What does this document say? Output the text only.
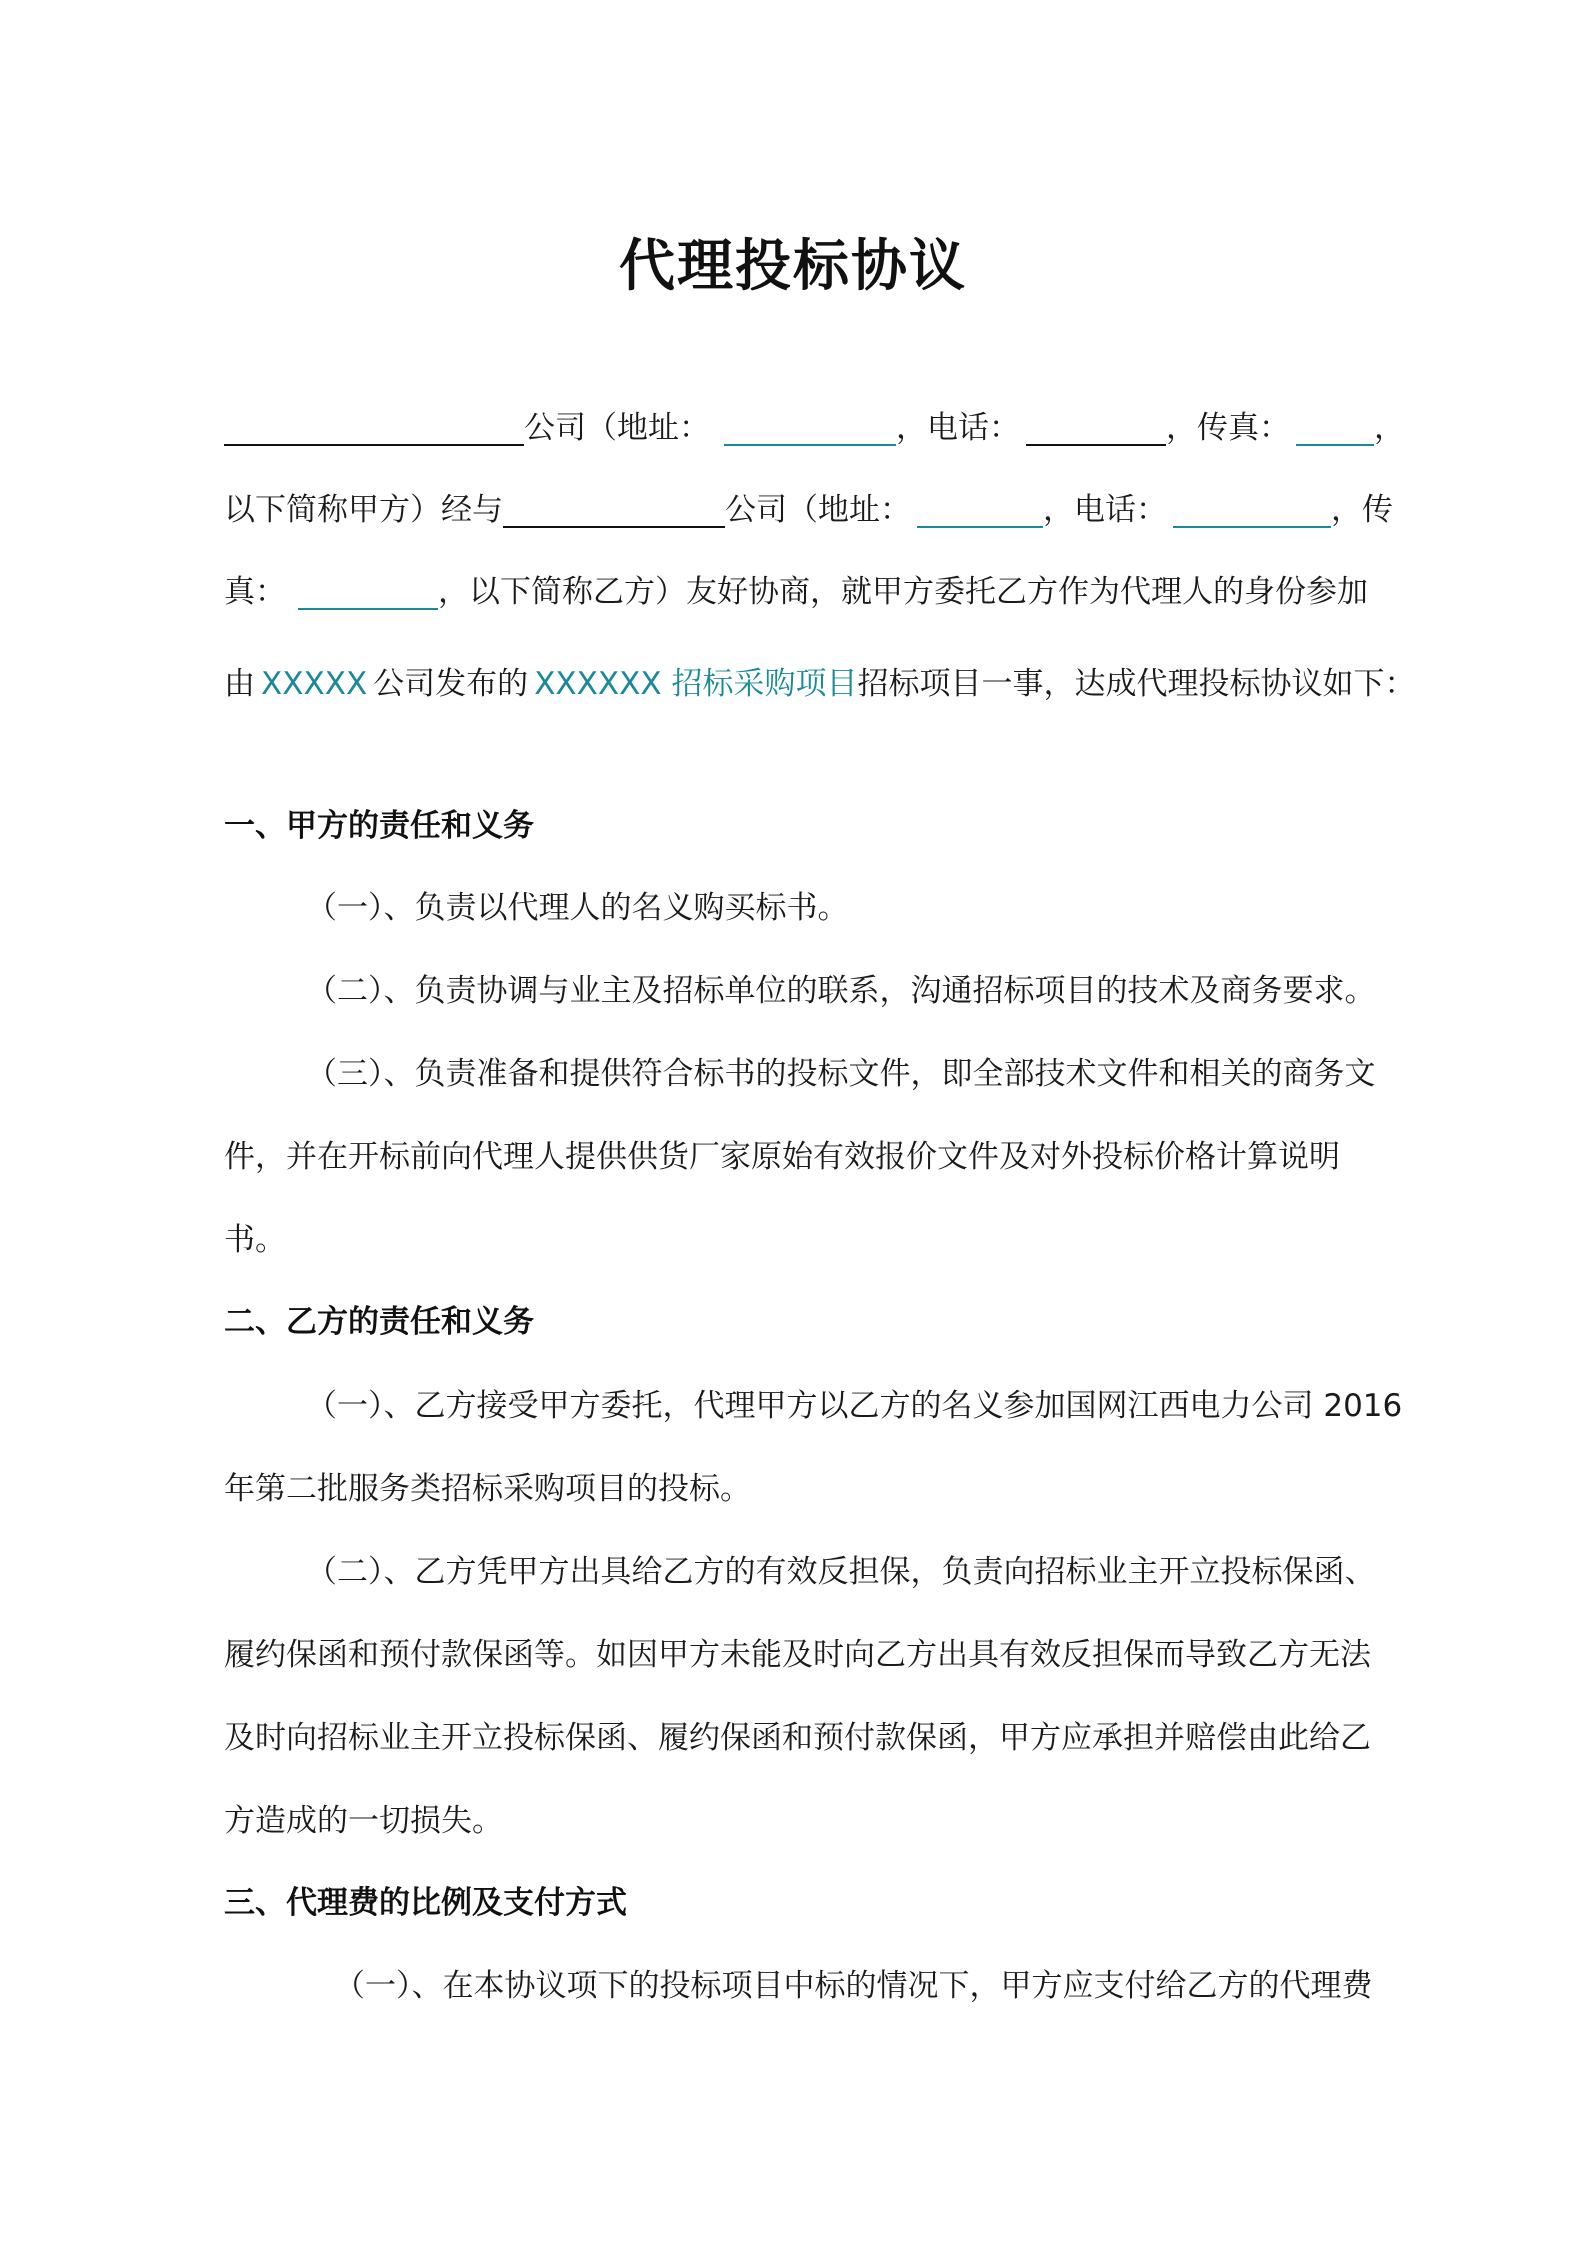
代理投标协议
公司（地址：	，电话：	，传真：	，
以下简称甲方）经与	公司（地址：	，电话：	，传
真：	，以下简称乙方）友好协商，就甲方委托乙方作为代理人的身份参加
由 XXXXX 公司发布的 XXXXXX 招标采购项目招标项目一事，达成代理投标协议如下：
一、甲方的责任和义务
（一）、负责以代理人的名义购买标书。
（二）、负责协调与业主及招标单位的联系，沟通招标项目的技术及商务要求。
（三）、负责准备和提供符合标书的投标文件，即全部技术文件和相关的商务文
件，并在开标前向代理人提供供货厂家原始有效报价文件及对外投标价格计算说明
书。
二、乙方的责任和义务
（一）、乙方接受甲方委托，代理甲方以乙方的名义参加国网江西电力公司 2016
年第二批服务类招标采购项目的投标。
（二）、乙方凭甲方出具给乙方的有效反担保，负责向招标业主开立投标保函、
履约保函和预付款保函等。如因甲方未能及时向乙方出具有效反担保而导致乙方无法
及时向招标业主开立投标保函、履约保函和预付款保函，甲方应承担并赔偿由此给乙
方造成的一切损失。
三、代理费的比例及支付方式
（一）、在本协议项下的投标项目中标的情况下，甲方应支付给乙方的代理费
